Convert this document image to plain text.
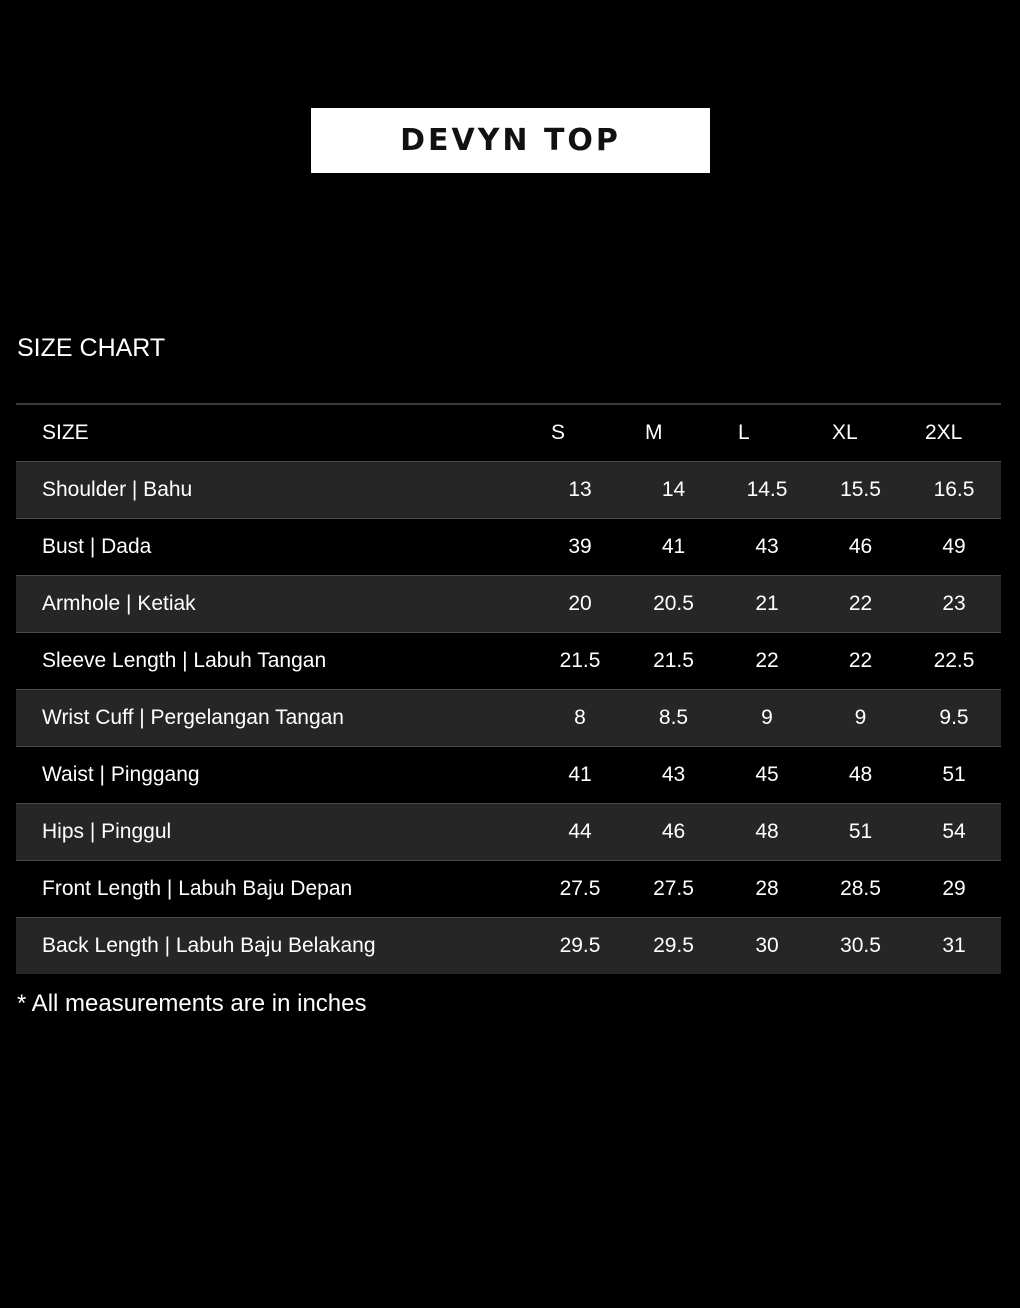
DEVYN TOP
SIZE CHART
SIZE	S	M	L	XL	2XL
Shoulder | Bahu	13	14	14.5	15.5	16.5
Bust | Dada	39	41	43	46	49
Armhole | Ketiak	20	20.5	21	22	23
Sleeve Length | Labuh Tangan	21.5	21.5	22	22	22.5
Wrist Cuff | Pergelangan Tangan	8	8.5	9	9	9.5
Waist | Pinggang	41	43	45	48	51
Hips | Pinggul	44	46	48	51	54
Front Length | Labuh Baju Depan	27.5	27.5	28	28.5	29
Back Length | Labuh Baju Belakang	29.5	29.5	30	30.5	31

* All measurements are in inches
